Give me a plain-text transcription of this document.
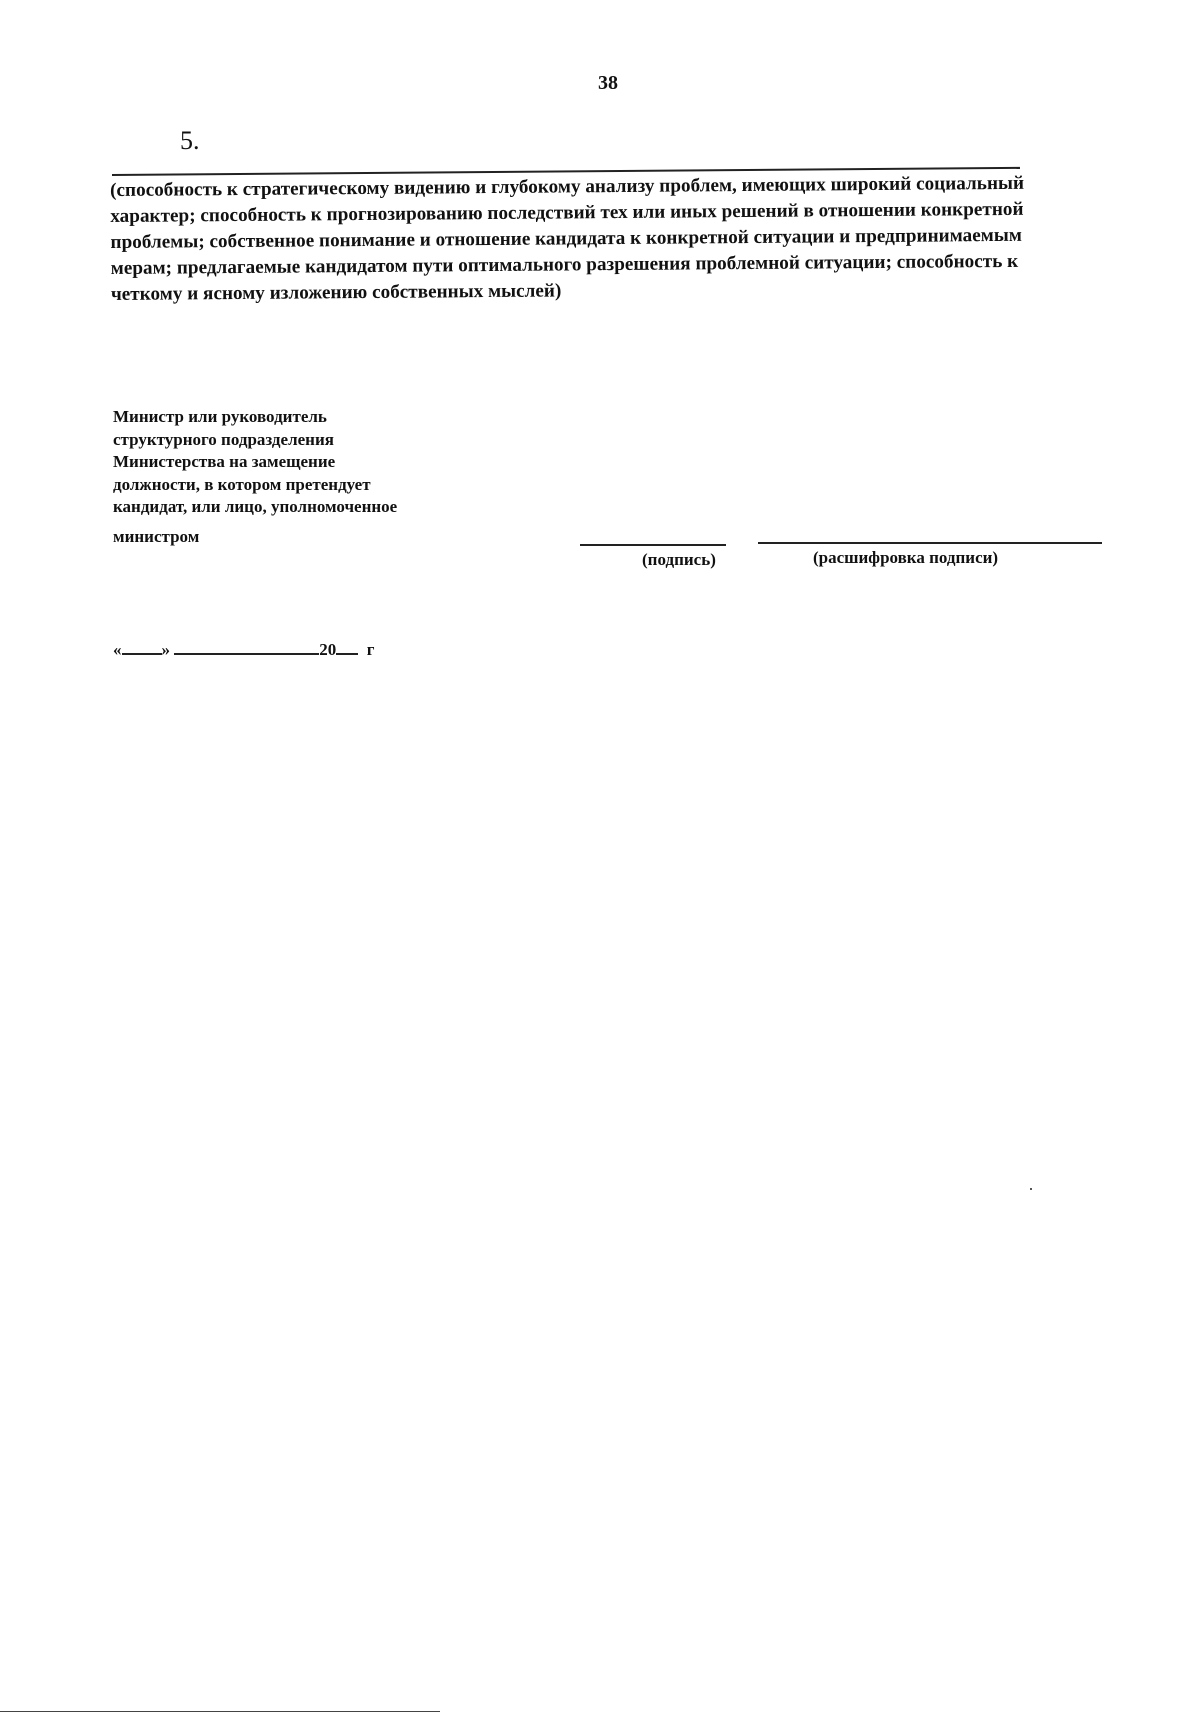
38
5.
(способность к стратегическому видению и глубокому анализу проблем, имеющих широкий социальный
характер; способность к прогнозированию последствий тех или иных решений в отношении конкретной
проблемы; собственное понимание и отношение кандидата к конкретной ситуации и предпринимаемым
мерам; предлагаемые кандидатом пути оптимального разрешения проблемной ситуации; способность к
четкому и ясному изложению собственных мыслей)
Министр или руководитель
структурного подразделения
Министерства на замещение
должности, в котором претендует
кандидат, или лицо, уполномоченное
министром
(подпись)	(расшифровка подписи)
« »	20 г
